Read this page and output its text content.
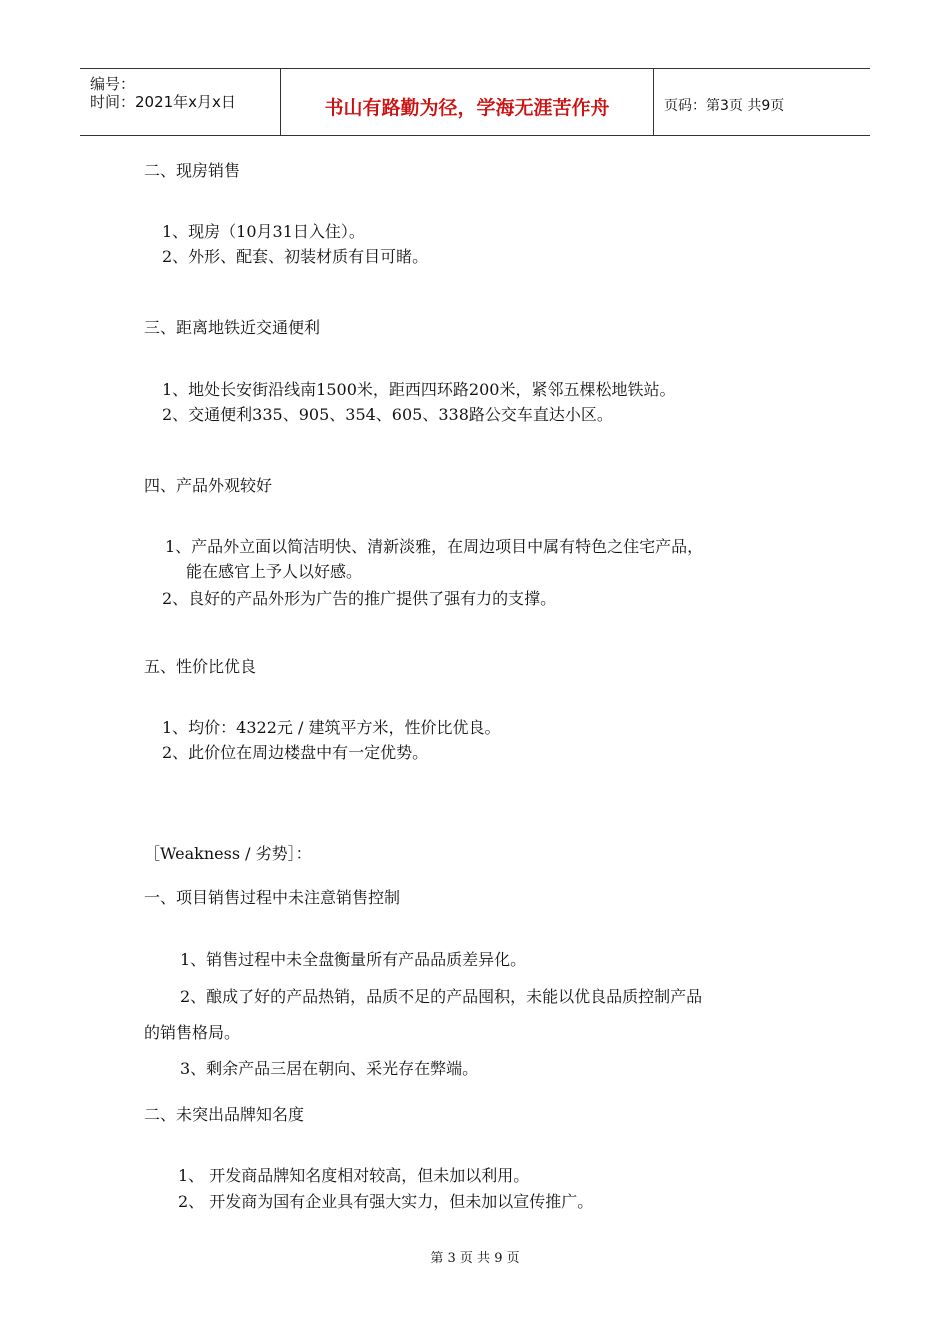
编号：
时间：2021年x月x日	书山有路勤为径，学海无涯苦作舟	页码：第3页 共9页
二、现房销售
1、现房（10月31日入住）。
2、外形、配套、初装材质有目可睹。
三、距离地铁近交通便利
1、地处长安街沿线南1500米，距西四环路200米，紧邻五棵松地铁站。
2、交通便利335、905、354、605、338路公交车直达小区。
四、产品外观较好
1、产品外立面以简洁明快、清新淡雅，在周边项目中属有特色之住宅产品，
能在感官上予人以好感。
2、良好的产品外形为广告的推广提供了强有力的支撑。
五、性价比优良
1、均价：4322元 / 建筑平方米，性价比优良。
2、此价位在周边楼盘中有一定优势。
［Weakness / 劣势］：
一、项目销售过程中未注意销售控制
1、销售过程中未全盘衡量所有产品品质差异化。
2、酿成了好的产品热销，品质不足的产品囤积，未能以优良品质控制产品
的销售格局。
3、剩余产品三居在朝向、采光存在弊端。
二、未突出品牌知名度
1、 开发商品牌知名度相对较高，但未加以利用。
2、 开发商为国有企业具有强大实力，但未加以宣传推广。
第 3 页 共 9 页
